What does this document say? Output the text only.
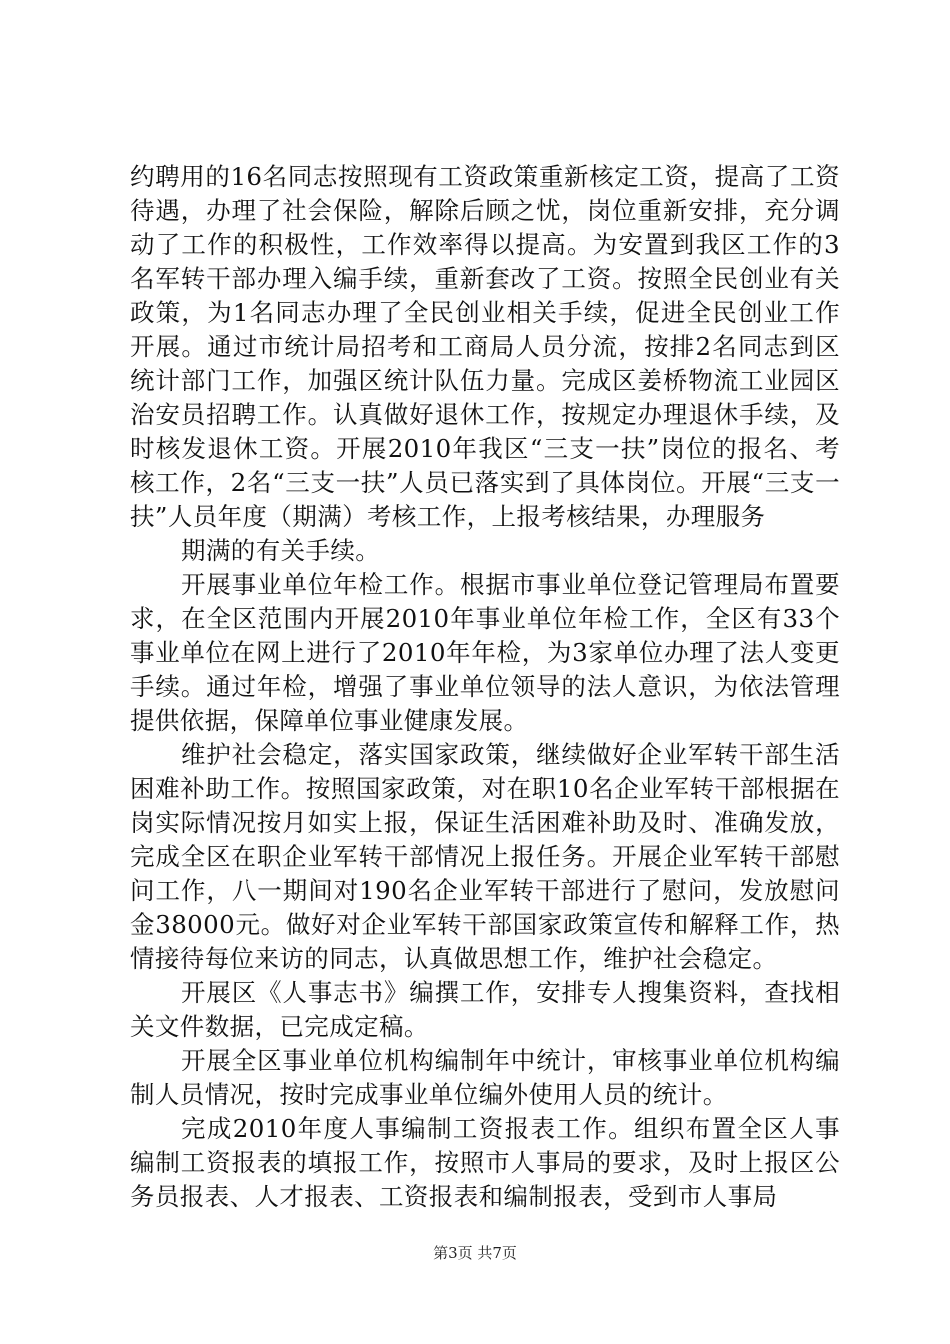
约聘用的16名同志按照现有工资政策重新核定工资，提高了工资待遇，办理了社会保险，解除后顾之忧，岗位重新安排，充分调动了工作的积极性，工作效率得以提高。为安置到我区工作的3名军转干部办理入编手续，重新套改了工资。按照全民创业有关政策，为1名同志办理了全民创业相关手续，促进全民创业工作开展。通过市统计局招考和工商局人员分流，按排2名同志到区统计部门工作，加强区统计队伍力量。完成区姜桥物流工业园区治安员招聘工作。认真做好退休工作，按规定办理退休手续，及时核发退休工资。开展2010年我区“三支一扶”岗位的报名、考核工作，2名“三支一扶”人员已落实到了具体岗位。开展“三支一扶”人员年度（期满）考核工作，上报考核结果，办理服务

期满的有关手续。

开展事业单位年检工作。根据市事业单位登记管理局布置要求，在全区范围内开展2010年事业单位年检工作，全区有33个事业单位在网上进行了2010年年检，为3家单位办理了法人变更手续。通过年检，增强了事业单位领导的法人意识，为依法管理提供依据，保障单位事业健康发展。

维护社会稳定，落实国家政策，继续做好企业军转干部生活困难补助工作。按照国家政策，对在职10名企业军转干部根据在岗实际情况按月如实上报，保证生活困难补助及时、准确发放，完成全区在职企业军转干部情况上报任务。开展企业军转干部慰问工作，八一期间对190名企业军转干部进行了慰问，发放慰问金38000元。做好对企业军转干部国家政策宣传和解释工作，热情接待每位来访的同志，认真做思想工作，维护社会稳定。

开展区《人事志书》编撰工作，安排专人搜集资料，查找相关文件数据，已完成定稿。

开展全区事业单位机构编制年中统计，审核事业单位机构编制人员情况，按时完成事业单位编外使用人员的统计。

完成2010年度人事编制工资报表工作。组织布置全区人事编制工资报表的填报工作，按照市人事局的要求，及时上报区公务员报表、人才报表、工资报表和编制报表，受到市人事局

第3页 共7页
